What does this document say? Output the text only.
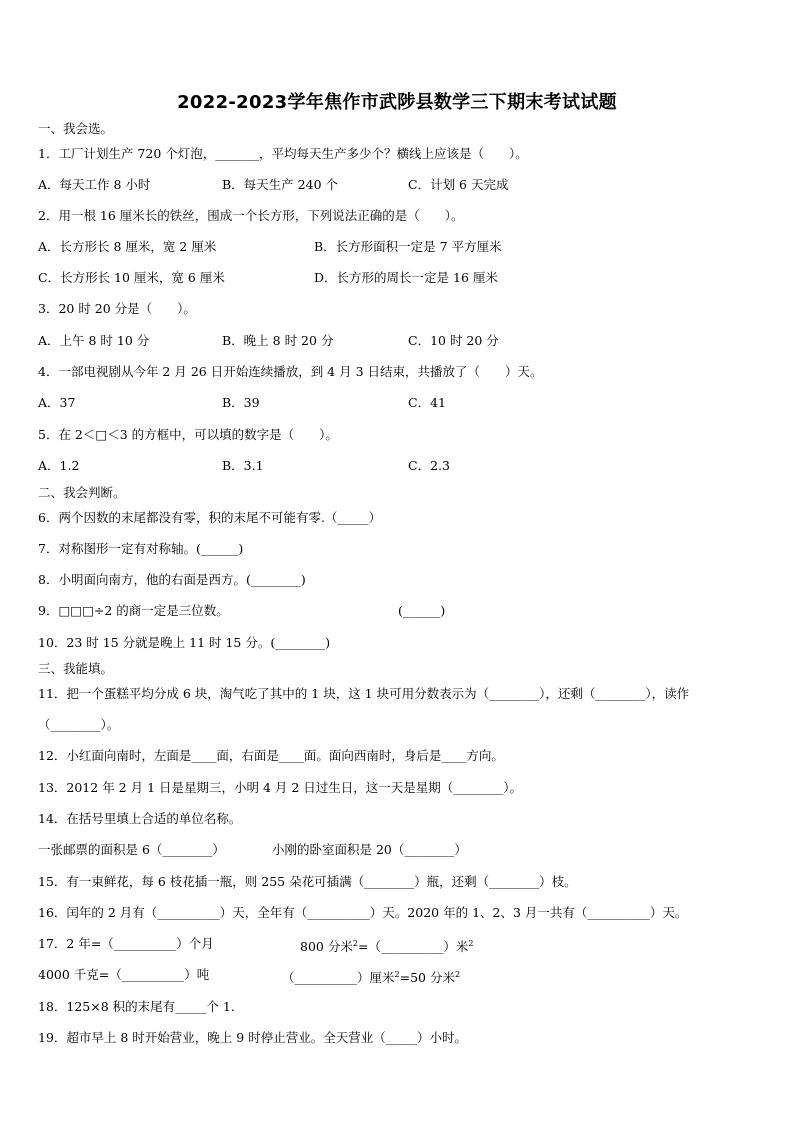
2022-2023学年焦作市武陟县数学三下期末考试试题
一、我会选。
1．工厂计划生产 720 个灯泡，_______，平均每天生产多少个？横线上应该是（　　）。
A．每天工作 8 小时	B．每天生产 240 个	C．计划 6 天完成
2．用一根 16 厘米长的铁丝，围成一个长方形，下列说法正确的是（　　）。
A．长方形长 8 厘米，宽 2 厘米	B．长方形面积一定是 7 平方厘米
C．长方形长 10 厘米，宽 6 厘米	D．长方形的周长一定是 16 厘米
3．20 时 20 分是（　　）。
A．上午 8 时 10 分	B．晚上 8 时 20 分	C．10 时 20 分
4．一部电视剧从今年 2 月 26 日开始连续播放，到 4 月 3 日结束，共播放了（　　）天。
A．37	B．39	C．41
5．在 2＜□＜3 的方框中，可以填的数字是（　　）。
A．1.2	B．3.1	C．2.3
二、我会判断。
6．两个因数的末尾都没有零，积的末尾不可能有零.（_____）
7．对称图形一定有对称轴。(______)
8．小明面向南方，他的右面是西方。(________)
9．□□□÷2 的商一定是三位数。	(______)
10．23 时 15 分就是晚上 11 时 15 分。(________)
三、我能填。
11．把一个蛋糕平均分成 6 块，淘气吃了其中的 1 块，这 1 块可用分数表示为（________），还剩（________），读作
（________）。
12．小红面向南时，左面是____面，右面是____面。面向西南时，身后是____方向。
13．2012 年 2 月 1 日是星期三，小明 4 月 2 日过生日，这一天是星期（________）。
14．在括号里填上合适的单位名称。
一张邮票的面积是 6（________）	小刚的卧室面积是 20（________）
15．有一束鲜花，每 6 枝花插一瓶，则 255 朵花可插满（________）瓶，还剩（________）枝。
16．闰年的 2 月有（__________）天，全年有（__________）天。2020 年的 1、2、3 月一共有（__________）天。
17．2 年=（__________）个月	800 分米$^2$=（__________）米$^2$
4000 千克=（__________）吨	（__________）厘米$^2$=50 分米$^2$
18．125×8 积的末尾有_____个 1.
19．超市早上 8 时开始营业，晚上 9 时停止营业。全天营业（_____）小时。
